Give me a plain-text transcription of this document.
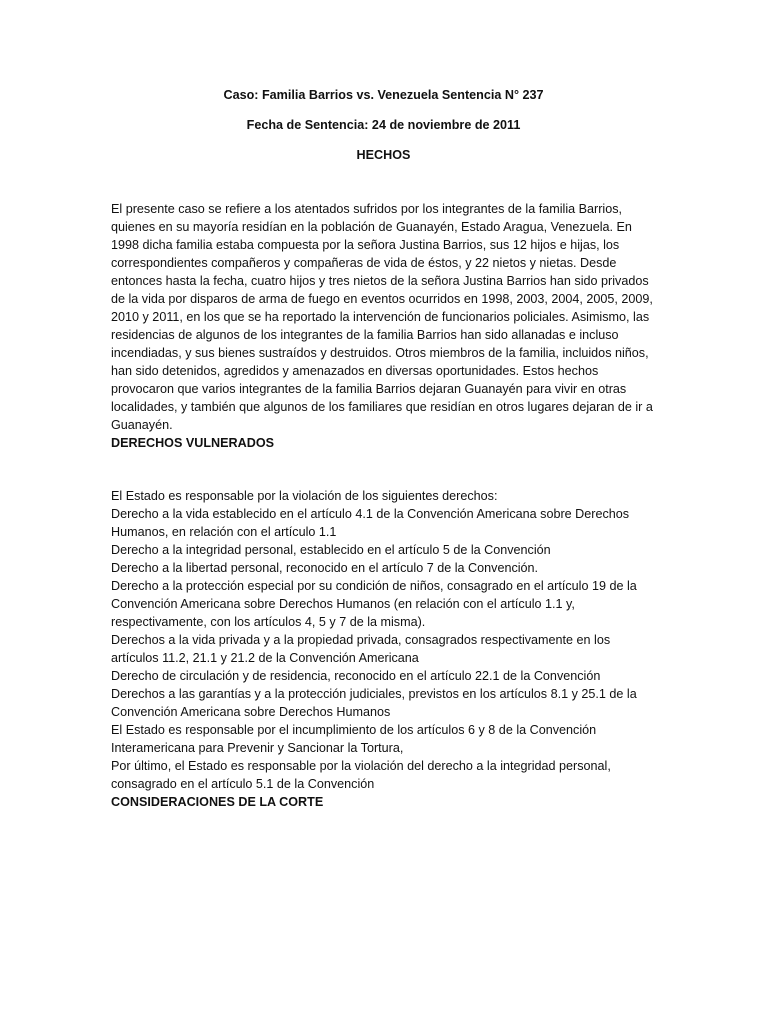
Caso: Familia Barrios vs. Venezuela Sentencia N° 237

Fecha de Sentencia: 24 de noviembre de 2011

HECHOS

El presente caso se refiere a los atentados sufridos por los integrantes de la familia Barrios, quienes en su mayoría residían en la población de Guanayén, Estado Aragua, Venezuela. En 1998 dicha familia estaba compuesta por la señora Justina Barrios, sus 12 hijos e hijas, los correspondientes compañeros y compañeras de vida de éstos, y 22 nietos y nietas. Desde entonces hasta la fecha, cuatro hijos y tres nietos de la señora Justina Barrios han sido privados de la vida por disparos de arma de fuego en eventos ocurridos en 1998, 2003, 2004, 2005, 2009, 2010 y 2011, en los que se ha reportado la intervención de funcionarios policiales. Asimismo, las residencias de algunos de los integrantes de la familia Barrios han sido allanadas e incluso incendiadas, y sus bienes sustraídos y destruidos. Otros miembros de la familia, incluidos niños, han sido detenidos, agredidos y amenazados en diversas oportunidades. Estos hechos provocaron que varios integrantes de la familia Barrios dejaran Guanayén para vivir en otras localidades, y también que algunos de los familiares que residían en otros lugares dejaran de ir a Guanayén.

DERECHOS VULNERADOS

El Estado es responsable por la violación de los siguientes derechos:

Derecho a la vida establecido en el artículo 4.1 de la Convención Americana sobre Derechos Humanos, en relación con el artículo 1.1

Derecho a la integridad personal, establecido en el artículo 5 de la Convención

Derecho a la libertad personal, reconocido en el artículo 7 de la Convención.

Derecho a la protección especial por su condición de niños, consagrado en el artículo 19 de la Convención Americana sobre Derechos Humanos (en relación con el artículo 1.1 y, respectivamente, con los artículos 4, 5 y 7 de la misma).

Derechos a la vida privada y a la propiedad privada, consagrados respectivamente en los artículos 11.2, 21.1 y 21.2 de la Convención Americana

Derecho de circulación y de residencia, reconocido en el artículo 22.1 de la Convención

Derechos a las garantías y a la protección judiciales, previstos en los artículos 8.1 y 25.1 de la Convención Americana sobre Derechos Humanos

El Estado es responsable por el incumplimiento de los artículos 6 y 8 de la Convención Interamericana para Prevenir y Sancionar la Tortura,

Por último, el Estado es responsable por la violación del derecho a la integridad personal, consagrado en el artículo 5.1 de la Convención

CONSIDERACIONES DE LA CORTE
